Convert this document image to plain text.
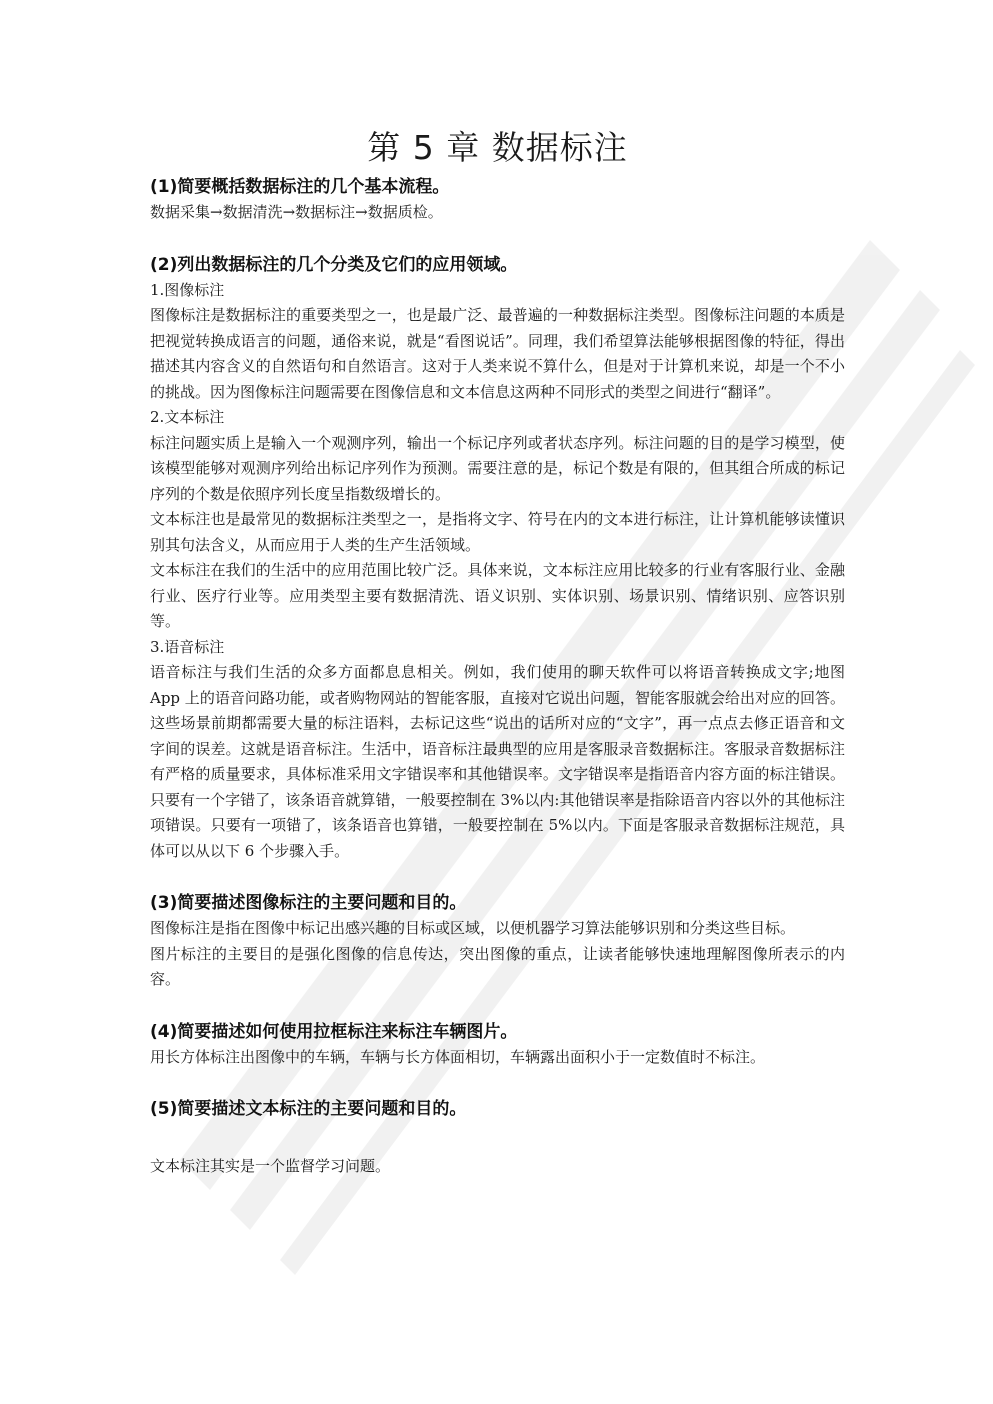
第 5 章 数据标注

(1)简要概括数据标注的几个基本流程。

数据采集→数据清洗→数据标注→数据质检。

(2)列出数据标注的几个分类及它们的应用领域。

1.图像标注

图像标注是数据标注的重要类型之一，也是最广泛、最普遍的一种数据标注类型。图像标注问题的本质是把视觉转换成语言的问题，通俗来说，就是“看图说话”。同理，我们希望算法能够根据图像的特征，得出描述其内容含义的自然语句和自然语言。这对于人类来说不算什么，但是对于计算机来说，却是一个不小的挑战。因为图像标注问题需要在图像信息和文本信息这两种不同形式的类型之间进行“翻译”。

2.文本标注

标注问题实质上是输入一个观测序列，输出一个标记序列或者状态序列。标注问题的目的是学习模型，使该模型能够对观测序列给出标记序列作为预测。需要注意的是，标记个数是有限的，但其组合所成的标记序列的个数是依照序列长度呈指数级增长的。

文本标注也是最常见的数据标注类型之一，是指将文字、符号在内的文本进行标注，让计算机能够读懂识别其句法含义，从而应用于人类的生产生活领域。

文本标注在我们的生活中的应用范围比较广泛。具体来说，文本标注应用比较多的行业有客服行业、金融行业、医疗行业等。应用类型主要有数据清洗、语义识别、实体识别、场景识别、情绪识别、应答识别等。

3.语音标注

语音标注与我们生活的众多方面都息息相关。例如，我们使用的聊天软件可以将语音转换成文字;地图 App 上的语音问路功能，或者购物网站的智能客服，直接对它说出问题，智能客服就会给出对应的回答。这些场景前期都需要大量的标注语料，去标记这些“说出的话所对应的“文字”，再一点点去修正语音和文字间的误差。这就是语音标注。生活中，语音标注最典型的应用是客服录音数据标注。客服录音数据标注有严格的质量要求，具体标准采用文字错误率和其他错误率。文字错误率是指语音内容方面的标注错误。只要有一个字错了，该条语音就算错，一般要控制在 3%以内:其他错误率是指除语音内容以外的其他标注项错误。只要有一项错了，该条语音也算错，一般要控制在 5%以内。下面是客服录音数据标注规范，具体可以从以下 6 个步骤入手。

(3)简要描述图像标注的主要问题和目的。

图像标注是指在图像中标记出感兴趣的目标或区域，以便机器学习算法能够识别和分类这些目标。

图片标注的主要目的是强化图像的信息传达，突出图像的重点，让读者能够快速地理解图像所表示的内容。

(4)简要描述如何使用拉框标注来标注车辆图片。

用长方体标注出图像中的车辆，车辆与长方体面相切，车辆露出面积小于一定数值时不标注。

(5)简要描述文本标注的主要问题和目的。

文本标注其实是一个监督学习问题。
